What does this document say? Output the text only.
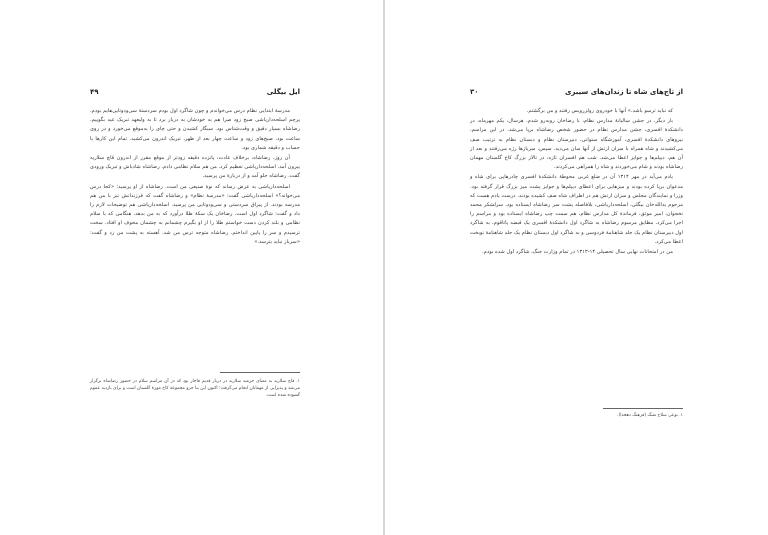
ایل بیگلی
۴۹

مدرسهٔ ابتدایی نظام درس می‌خواندم و چون شاگرد اول بودم سردستهٔ سی‌ودوتایی‌هایم بودم. پرچم اسلحه‌داریاشی صبح زود صرا هم به خودشان به دربار برد تا به ولیعهد تبریک عید بگوییم. رضاشاه بسیار دقیق و وقت‌شناس بود. سیگار کشیدن و حتی چای را به‌موقع می‌خورد و در روی ساعت بود. صبح‌های زود و ساعت چهار بعد از ظهر، تبریک اندرون می‌کشید. تمام این کارها با حساب و دقیقه شماری بود.

آن روز، رضاشاه، برخلاف عادت، پانزده دقیقه زودتر از موقع مقرر از اندرون قاچ سلاریه بیرون آمد. اسلحه‌داریاشی تعظیم کرد. من هم سلام نظامی دادم. رضاشاه شادباش و تبریک ورودی گفت. رضاشاه جلو آمد و از دربارهٔ من پرسید.

اسلحه‌داریاشی به عرض رساند که نوهٔ صنیعی من است. رضاشاه از او پرسید: «کجا درس می‌خوانه؟» اسلحه‌داریاشی گفت: «مدرسهٔ نظام» و رضاشاه گفت که فرزندانش نیز با من هم مدرسه بودند. از پیراق سردستی و سی‌ودوتایی من پرسید. اسلحه‌داریاشی هم توضیحات لازم را داد و گفت: شاگرد اول است. رضاخان یک سکهٔ طلا درآورد که به من بدهد. هنگامی که با سلام نظامی و بلند کردن دست خواستم طلا را از او بگیرم چشمانم به چشمان مخوف او افتاد. سخت ترسیدم و سر را پایین انداختم. رضاشاه متوجه ترس من شد. آهسته به پشت من زد و گفت: «سرباز نباید بترسد.»

۱. قاچ سلاریه به معنای خرمنه سلاریه در دربار قدیم قاجار بود که در آن مراسم سلام در حضور رضاشاه برگزار می‌شد و پذیرایی از مهمانان انجام می‌گرفت؛ اکنون این بنا جزو مجموعهٔ کاخ موزهٔ گلستان است و برای بازدید عموم گشوده شده است.
از تاج‌های شاه تا زندان‌های سیبری
۳۰

که نباید ترسو باشد.» آنها با خودروی رولزرویس رفتند و من برگشتم.

بار دیگر، در جشن سالیانهٔ مدارس نظام، با رضاخان روبه‌رو شدم. هرسال، یکم مهرماه، در دانشکدهٔ افسری، جشن مدارس نظام در حضور شخص رضاشاه برپا می‌شد. در این مراسم، نیروهای دانشکدهٔ افسری، آموزشگاه ستوانی، دبیرستان نظام و دبستان نظام به ترتیب صف می‌کشیدند و شاه همراه با سران ارتش از آنها سان می‌دید. سپس، سربازها رژه می‌رفتند و بعد از آن هم، دیپلم‌ها و جوایز اعطا می‌شد. شب هم افسران تازه، در تالار بزرگ کاخ گلستان مهمان رضاشاه بودند و شام می‌خوردند و شاه را همراهی می‌کردند.

یادم می‌آید در مهر ۱۳۱۴ آن در ضلع غربی محوطهٔ دانشکدهٔ افسری چادرهایی برای شاه و مدعوان برپا کرده بودند و میزهایی برای اعطای دیپلم‌ها و جوایز پشت میز بزرگ قرار گرفته بود. وزرا و نمایندگان مجلس و سران ارتش هم در اطراف شاه صف کشیده بودند. درست یادم هست که مرحوم یدالله‌خان بیگلی، اسلحه‌داریاشی، بلافاصله پشت سر رضاشاه ایستاده بود. سرلشکر محمد نخجوان، امیر موثق، فرماندهٔ کل مدارس نظام، هم سمت چپ رضاشاه ایستاده بود و مراسم را اجرا می‌کرد. مطابق مرسوم رضاشاه به شاگرد اول دانشکدهٔ افسری یک قبضه یاتاقوم، به شاگرد اول دبیرستان نظام یک جلد شاهنامهٔ فردوسی و به شاگرد اول دبستان نظام یک جلد شاهنامهٔ نوبخت اعطا می‌کرد.

من در امتحانات نهایی سال تحصیلی ۱۴-۱۳۱۳ در تمام وزارت جنگ، شاگرد اول شده بودم.

۱. نوعی سلاح تفنگ (فرهنگ دهخدا).
